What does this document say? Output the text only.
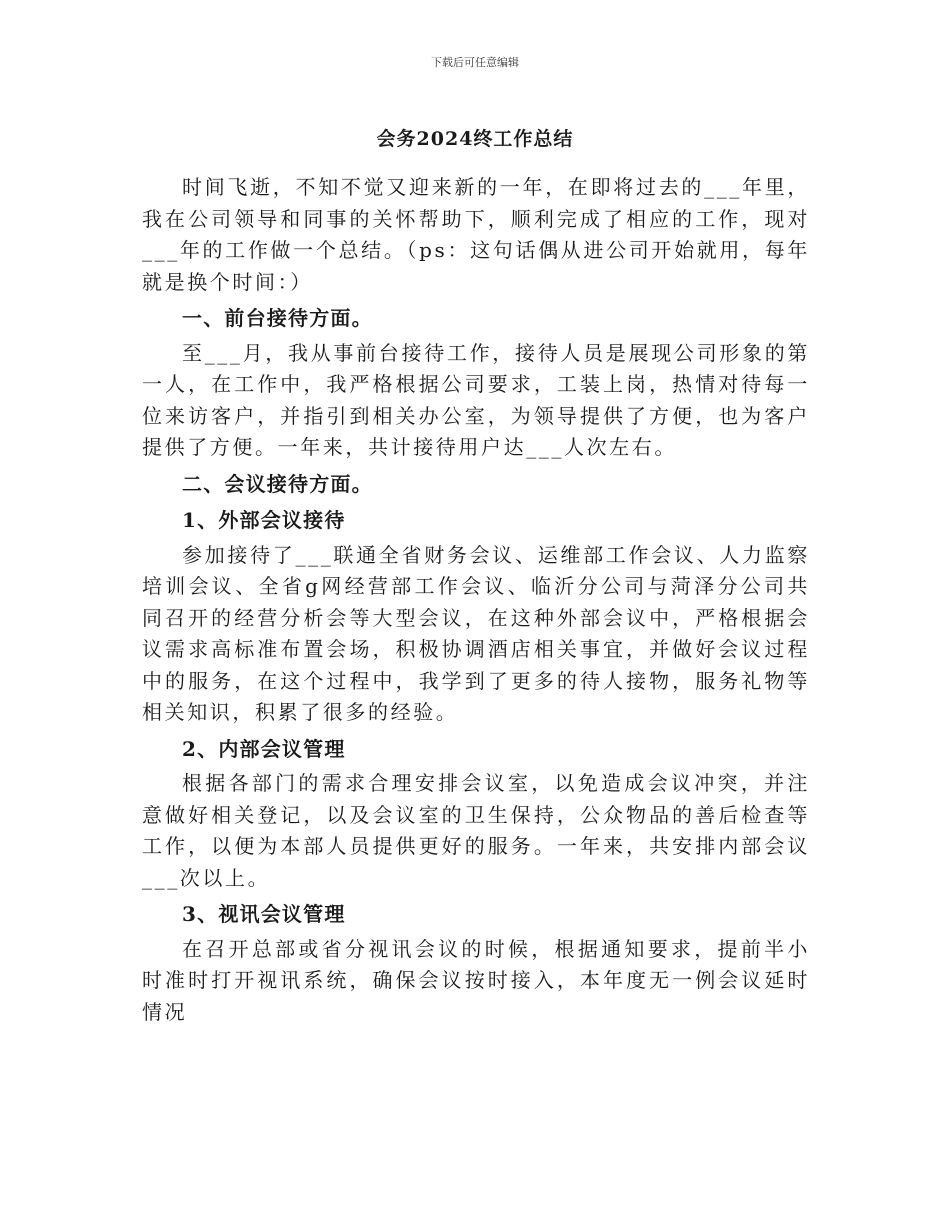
下载后可任意编辑
会务2024终工作总结

时间飞逝，不知不觉又迎来新的一年，在即将过去的___年里，我在公司领导和同事的关怀帮助下，顺利完成了相应的工作，现对___年的工作做一个总结。（ps：这句话偶从进公司开始就用，每年就是换个时间：）

一、前台接待方面。

至___月，我从事前台接待工作，接待人员是展现公司形象的第一人，在工作中，我严格根据公司要求，工装上岗，热情对待每一位来访客户，并指引到相关办公室，为领导提供了方便，也为客户提供了方便。一年来，共计接待用户达___人次左右。

二、会议接待方面。

1、外部会议接待

参加接待了___联通全省财务会议、运维部工作会议、人力监察培训会议、全省g网经营部工作会议、临沂分公司与菏泽分公司共同召开的经营分析会等大型会议，在这种外部会议中，严格根据会议需求高标准布置会场，积极协调酒店相关事宜，并做好会议过程中的服务，在这个过程中，我学到了更多的待人接物，服务礼物等相关知识，积累了很多的经验。

2、内部会议管理

根据各部门的需求合理安排会议室，以免造成会议冲突，并注意做好相关登记，以及会议室的卫生保持，公众物品的善后检查等工作，以便为本部人员提供更好的服务。一年来，共安排内部会议___次以上。

3、视讯会议管理

在召开总部或省分视讯会议的时候，根据通知要求，提前半小时准时打开视讯系统，确保会议按时接入，本年度无一例会议延时情况
